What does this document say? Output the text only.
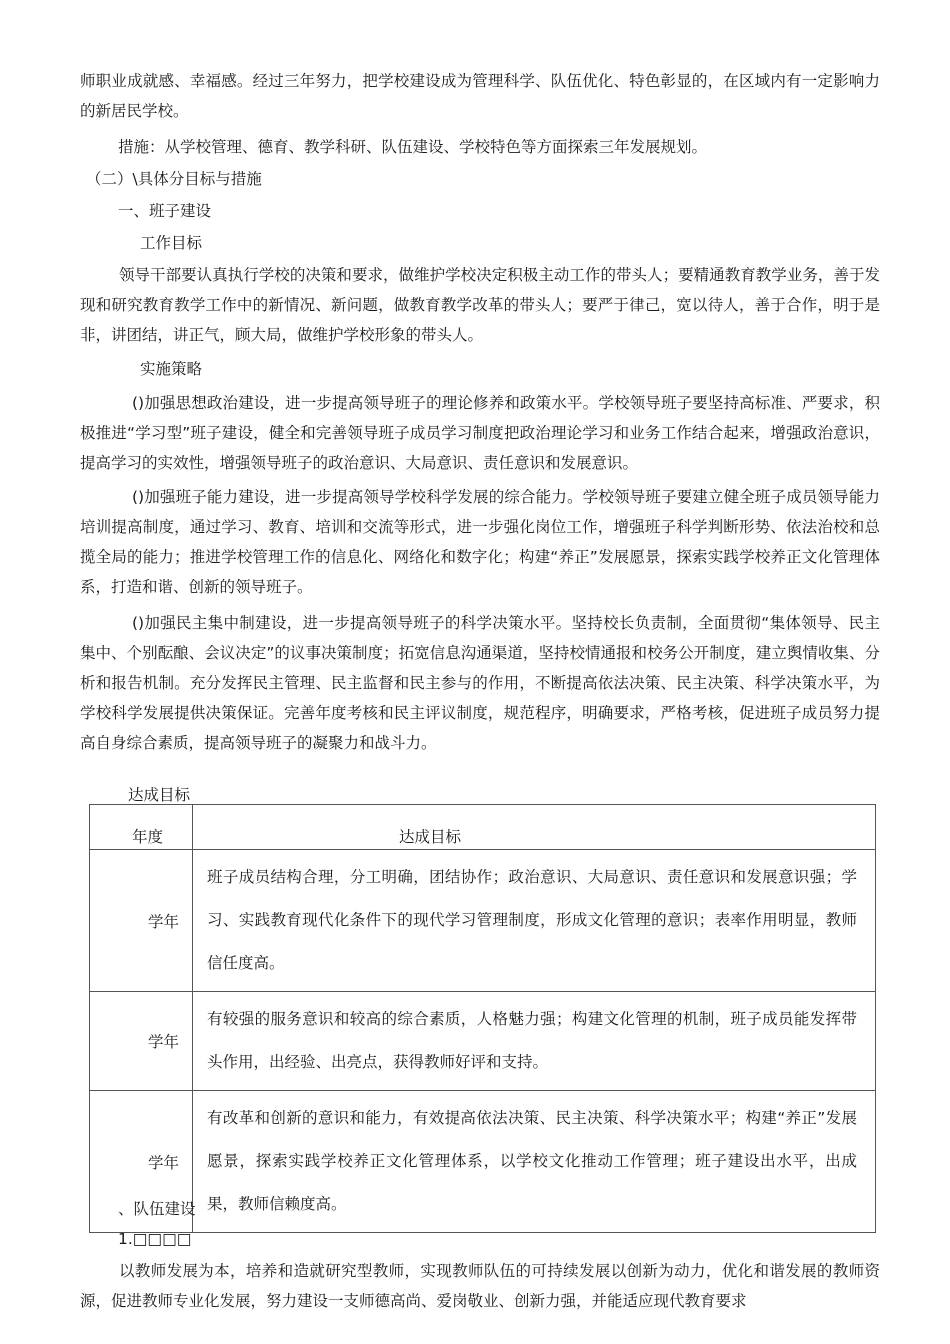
师职业成就感、幸福感。经过三年努力，把学校建设成为管理科学、队伍优化、特色彰显的，在区域内有一定影响力的新居民学校。

措施：从学校管理、德育、教学科研、队伍建设、学校特色等方面探索三年发展规划。

（二）\具体分目标与措施

一、班子建设

工作目标

领导干部要认真执行学校的决策和要求，做维护学校决定积极主动工作的带头人；要精通教育教学业务，善于发现和研究教育教学工作中的新情况、新问题，做教育教学改革的带头人；要严于律己，宽以待人，善于合作，明于是非，讲团结，讲正气，顾大局，做维护学校形象的带头人。

实施策略

()加强思想政治建设，进一步提高领导班子的理论修养和政策水平。学校领导班子要坚持高标准、严要求，积极推进“学习型”班子建设，健全和完善领导班子成员学习制度把政治理论学习和业务工作结合起来，增强政治意识，提高学习的实效性，增强领导班子的政治意识、大局意识、责任意识和发展意识。

()加强班子能力建设，进一步提高领导学校科学发展的综合能力。学校领导班子要建立健全班子成员领导能力培训提高制度，通过学习、教育、培训和交流等形式，进一步强化岗位工作，增强班子科学判断形势、依法治校和总揽全局的能力；推进学校管理工作的信息化、网络化和数字化；构建“养正”发展愿景，探索实践学校养正文化管理体系，打造和谐、创新的领导班子。

()加强民主集中制建设，进一步提高领导班子的科学决策水平。坚持校长负责制，全面贯彻“集体领导、民主集中、个别酝酿、会议决定”的议事决策制度；拓宽信息沟通渠道，坚持校情通报和校务公开制度，建立舆情收集、分析和报告机制。充分发挥民主管理、民主监督和民主参与的作用，不断提高依法决策、民主决策、科学决策水平，为学校科学发展提供决策保证。完善年度考核和民主评议制度，规范程序，明确要求，严格考核，促进班子成员努力提高自身综合素质，提高领导班子的凝聚力和战斗力。

达成目标

年度	达成目标
学年	班子成员结构合理，分工明确，团结协作；政治意识、大局意识、责任意识和发展意识强；学习、实践教育现代化条件下的现代学习管理制度，形成文化管理的意识；表率作用明显，教师信任度高。
学年	有较强的服务意识和较高的综合素质，人格魅力强；构建文化管理的机制，班子成员能发挥带头作用，出经验、出亮点，获得教师好评和支持。
学年	有改革和创新的意识和能力，有效提高依法决策、民主决策、科学决策水平；构建“养正”发展愿景，探索实践学校养正文化管理体系，以学校文化推动工作管理；班子建设出水平，出成果，教师信赖度高。

、队伍建设

1.□□□□

以教师发展为本，培养和造就研究型教师，实现教师队伍的可持续发展以创新为动力，优化和谐发展的教师资源，促进教师专业化发展，努力建设一支师德高尚、爱岗敬业、创新力强，并能适应现代教育要求
